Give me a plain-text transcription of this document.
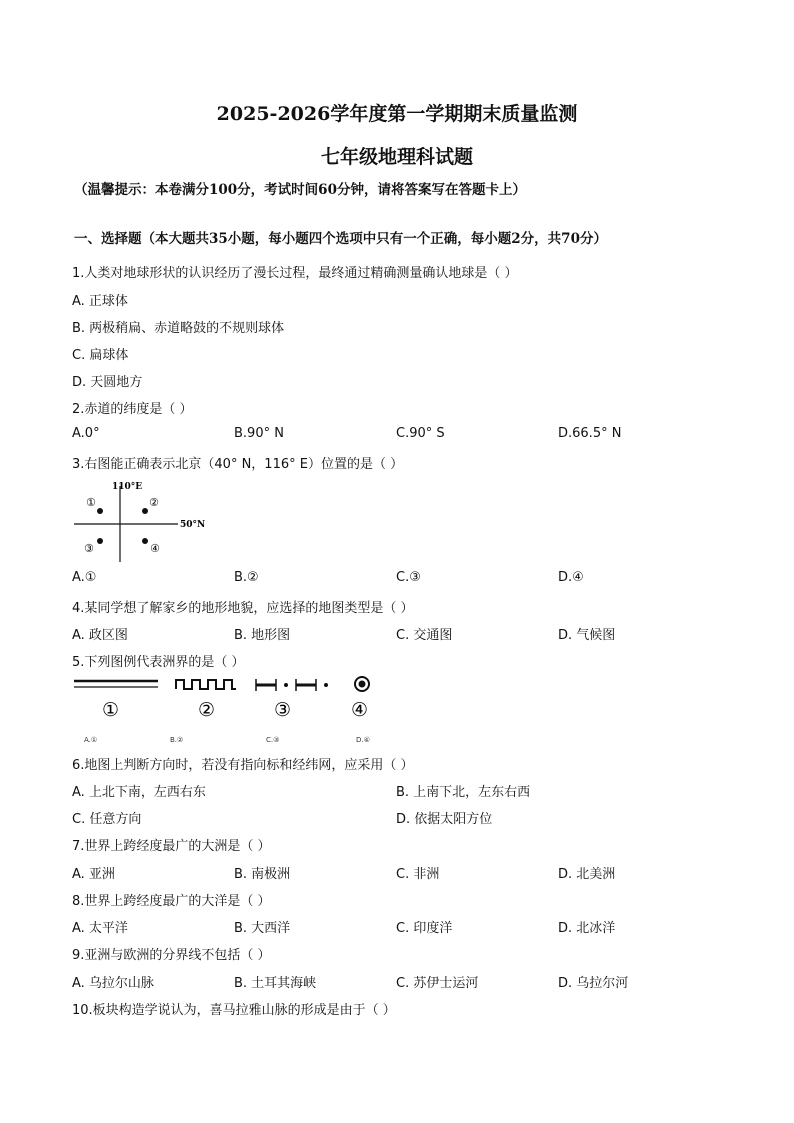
2025-2026学年度第一学期期末质量监测
七年级地理科试题
（温馨提示：本卷满分100分，考试时间60分钟，请将答案写在答题卡上）
一、选择题（本大题共35小题，每小题四个选项中只有一个正确，每小题2分，共70分）
1.人类对地球形状的认识经历了漫长过程，最终通过精确测量确认地球是（ ）
A. 正球体
B. 两极稍扁、赤道略鼓的不规则球体
C. 扁球体
D. 天圆地方
2.赤道的纬度是（ ）
A.0°	B.90° N	C.90° S	D.66.5° N
3.右图能正确表示北京（40° N，116° E）位置的是（ ）
110°E
50°N
①	②
③	④
A.①	B.②	C.③	D.④
4.某同学想了解家乡的地形地貌，应选择的地图类型是（ ）
A. 政区图	B. 地形图	C. 交通图	D. 气候图
5.下列图例代表洲界的是（ ）
①	②	③	④
A.①	B.②	C.③	D.④
6.地图上判断方向时，若没有指向标和经纬网，应采用（ ）
A. 上北下南，左西右东	B. 上南下北，左东右西
C. 任意方向	D. 依据太阳方位
7.世界上跨经度最广的大洲是（ ）
A. 亚洲	B. 南极洲	C. 非洲	D. 北美洲
8.世界上跨经度最广的大洋是（ ）
A. 太平洋	B. 大西洋	C. 印度洋	D. 北冰洋
9.亚洲与欧洲的分界线不包括（ ）
A. 乌拉尔山脉	B. 土耳其海峡	C. 苏伊士运河	D. 乌拉尔河
10.板块构造学说认为，喜马拉雅山脉的形成是由于（ ）
